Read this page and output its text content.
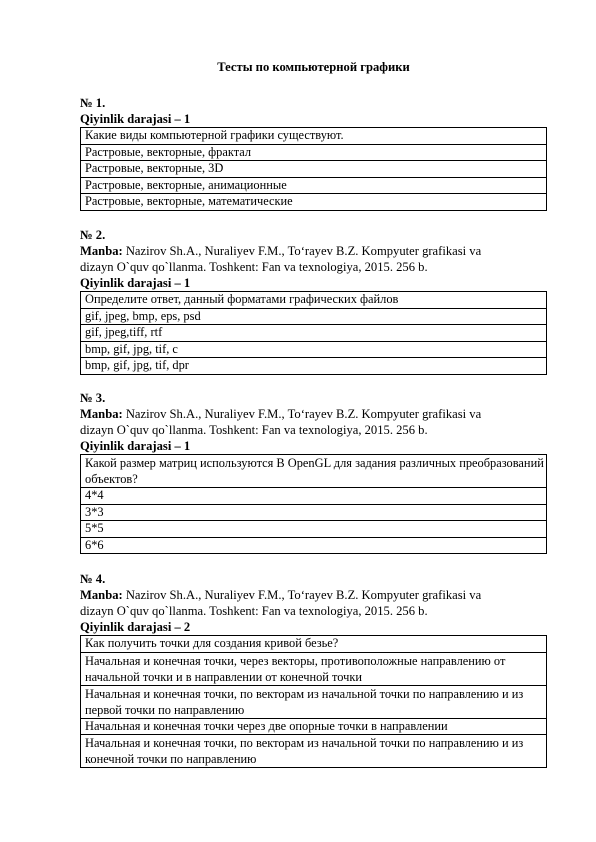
Тесты по компьютерной графики
№ 1.
Qiyinlik darajasi – 1
Какие виды компьютерной графики существуют.
Растровые, векторные, фрактал
Растровые, векторные, 3D
Растровые, векторные, анимационные
Растровые, векторные, математические
№ 2.
Manba: Nazirov Sh.A., Nuraliyev F.M., To‘rayev B.Z. Kompyuter grafikasi va
dizayn O`quv qo`llanma. Toshkent: Fan va texnologiya, 2015. 256 b.
Qiyinlik darajasi – 1
Определите ответ, данный форматами графических файлов
gif, jpeg, bmp, eps, psd
gif, jpeg,tiff, rtf
bmp, gif, jpg, tif, c
bmp, gif, jpg, tif, dpr
№ 3.
Manba: Nazirov Sh.A., Nuraliyev F.M., To‘rayev B.Z. Kompyuter grafikasi va
dizayn O`quv qo`llanma. Toshkent: Fan va texnologiya, 2015. 256 b.
Qiyinlik darajasi – 1
Какой размер матриц используются В OpenGL для задания различных преобразований объектов?
4*4
3*3
5*5
6*6
№ 4.
Manba: Nazirov Sh.A., Nuraliyev F.M., To‘rayev B.Z. Kompyuter grafikasi va
dizayn O`quv qo`llanma. Toshkent: Fan va texnologiya, 2015. 256 b.
Qiyinlik darajasi – 2
Как получить точки для создания кривой безье?
Начальная и конечная точки, через векторы, противоположные направлению от начальной точки и в направлении от конечной точки
Начальная и конечная точки, по векторам из начальной точки по направлению и из первой точки по направлению
Начальная и конечная точки через две опорные точки в направлении
Начальная и конечная точки, по векторам из начальной точки по направлению и из конечной точки по направлению
